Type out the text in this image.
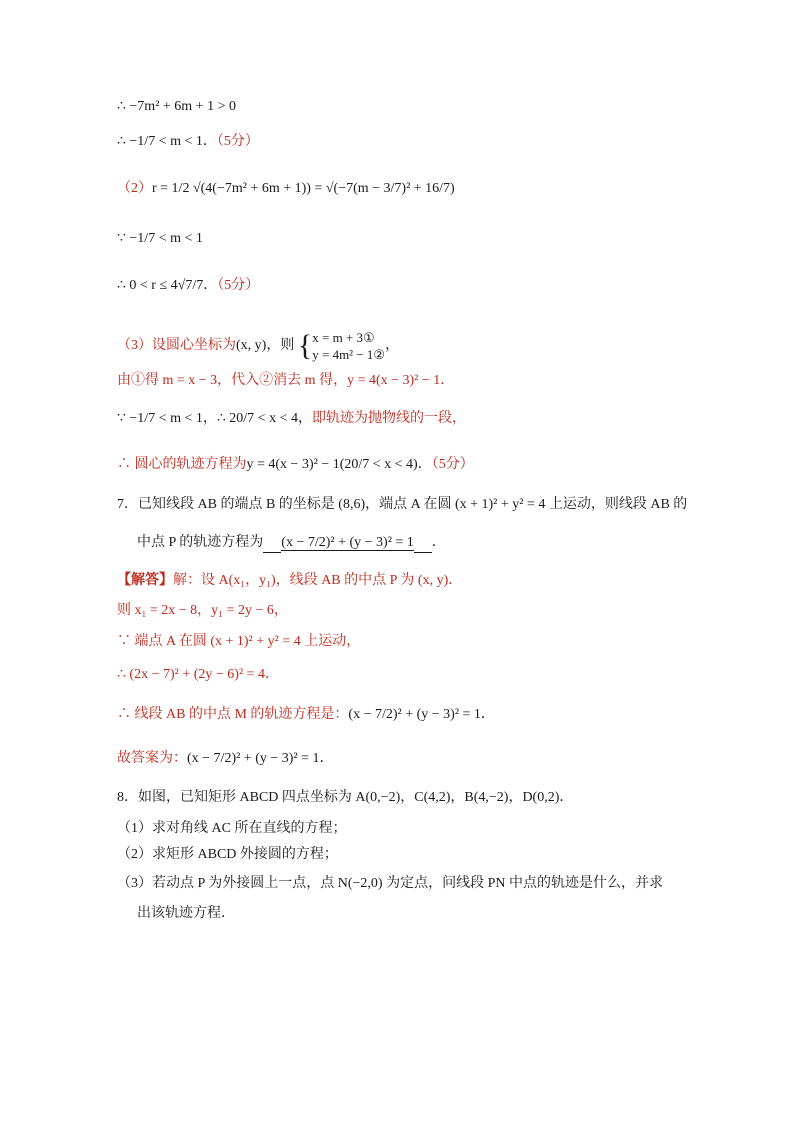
∴ −7m² + 6m + 1 > 0
∴ −1/7 < m < 1．（5分）
（2）r = 1/2 √(4(−7m² + 6m + 1)) = √(−7(m − 3/7)² + 16/7)
∵ −1/7 < m < 1
∴ 0 < r ≤ 4√7/7．（5分）
（3）设圆心坐标为(x, y)，则 { x = m + 3①
y = 4m² − 1②
，
由①得 m = x − 3，代入②消去 m 得，y = 4(x − 3)² − 1．
∵ −1/7 < m < 1，∴ 20/7 < x < 4，即轨迹为抛物线的一段，
∴ 圆心的轨迹方程为y = 4(x − 3)² − 1(20/7 < x < 4)．（5分）
7．已知线段 AB 的端点 B 的坐标是 (8,6)，端点 A 在圆 (x + 1)² + y² = 4 上运动，则线段 AB 的
中点 P 的轨迹方程为 (x − 7/2)² + (y − 3)² = 1 ．
【解答】解：设 A(x₁，y₁)，线段 AB 的中点 P 为 (x, y)．
则 x₁ = 2x − 8，y₁ = 2y − 6，
∵ 端点 A 在圆 (x + 1)² + y² = 4 上运动，
∴ (2x − 7)² + (2y − 6)² = 4．
∴ 线段 AB 的中点 M 的轨迹方程是：(x − 7/2)² + (y − 3)² = 1．
故答案为：(x − 7/2)² + (y − 3)² = 1．
8．如图，已知矩形 ABCD 四点坐标为 A(0,−2)，C(4,2)，B(4,−2)，D(0,2)．
（1）求对角线 AC 所在直线的方程；
（2）求矩形 ABCD 外接圆的方程；
（3）若动点 P 为外接圆上一点，点 N(−2,0) 为定点，问线段 PN 中点的轨迹是什么，并求
出该轨迹方程．
